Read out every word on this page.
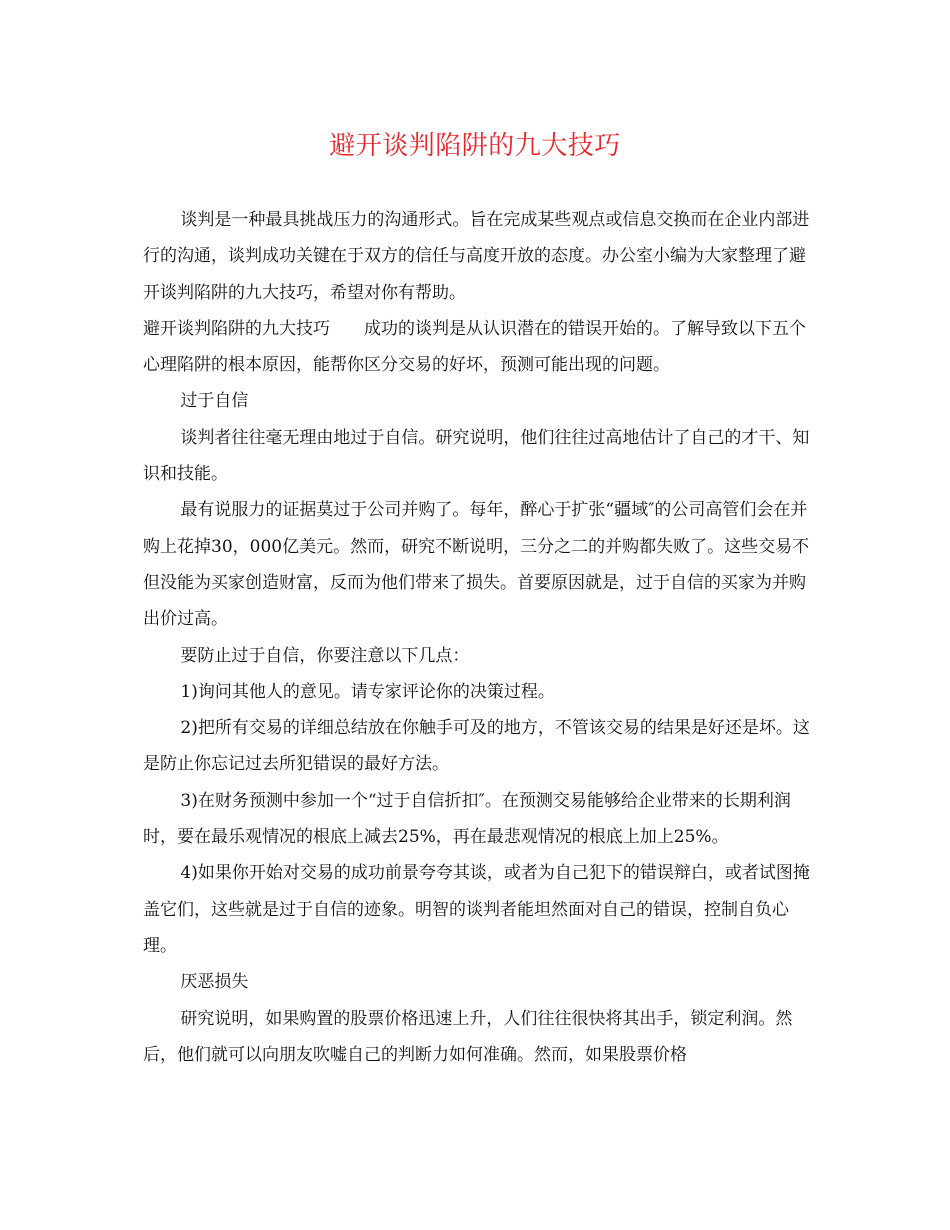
避开谈判陷阱的九大技巧

谈判是一种最具挑战压力的沟通形式。旨在完成某些观点或信息交换而在企业内部进行的沟通，谈判成功关键在于双方的信任与高度开放的态度。办公室小编为大家整理了避开谈判陷阱的九大技巧，希望对你有帮助。

避开谈判陷阱的九大技巧　　成功的谈判是从认识潜在的错误开始的。了解导致以下五个心理陷阱的根本原因，能帮你区分交易的好坏，预测可能出现的问题。

过于自信

谈判者往往毫无理由地过于自信。研究说明，他们往往过高地估计了自己的才干、知识和技能。

最有说服力的证据莫过于公司并购了。每年，醉心于扩张“疆域″的公司高管们会在并购上花掉30，000亿美元。然而，研究不断说明，三分之二的并购都失败了。这些交易不但没能为买家创造财富，反而为他们带来了损失。首要原因就是，过于自信的买家为并购出价过高。

要防止过于自信，你要注意以下几点：

1)询问其他人的意见。请专家评论你的决策过程。

2)把所有交易的详细总结放在你触手可及的地方，不管该交易的结果是好还是坏。这是防止你忘记过去所犯错误的最好方法。

3)在财务预测中参加一个“过于自信折扣″。在预测交易能够给企业带来的长期利润时，要在最乐观情况的根底上减去25%，再在最悲观情况的根底上加上25%。

4)如果你开始对交易的成功前景夸夸其谈，或者为自己犯下的错误辩白，或者试图掩盖它们，这些就是过于自信的迹象。明智的谈判者能坦然面对自己的错误，控制自负心理。

厌恶损失

研究说明，如果购置的股票价格迅速上升，人们往往很快将其出手，锁定利润。然后，他们就可以向朋友吹嘘自己的判断力如何准确。然而，如果股票价格
